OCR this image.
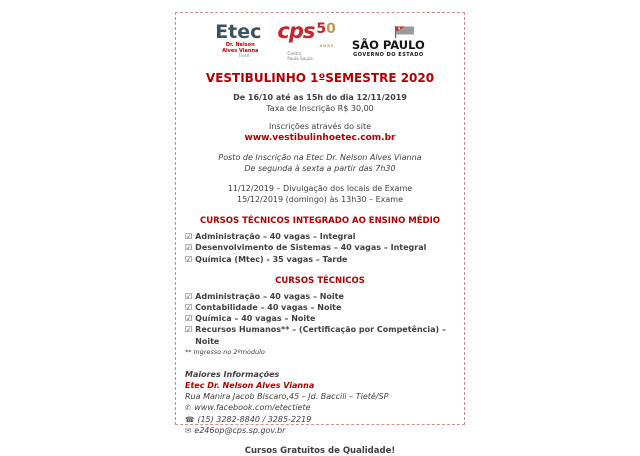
Etec
Dr. Nelson
Alves Vianna
Tietê
cps 50
ANOS
Centro
Paula Souza
SÃO PAULO
GOVERNO DO ESTADO
VESTIBULINHO 1ºSEMESTRE 2020
De 16/10 até as 15h do dia 12/11/2019
Taxa de Inscrição R$ 30,00
Inscrições através do site
www.vestibulinhoetec.com.br
Posto de Inscrição na Etec Dr. Nelson Alves Vianna
De segunda à sexta a partir das 7h30
11/12/2019 – Divulgação dos locais de Exame
15/12/2019 (domingo) às 13h30 – Exame
CURSOS TÉCNICOS INTEGRADO AO ENSINO MÉDIO
☑ Administração – 40 vagas – Integral
☑ Desenvolvimento de Sistemas – 40 vagas – Integral
☑ Química (Mtec) - 35 vagas – Tarde
CURSOS TÉCNICOS
☑ Administração – 40 vagas – Noite
☑ Contabilidade – 40 vagas – Noite
☑ Química – 40 vagas – Noite
☑ Recursos Humanos** – (Certificação por Competência) – Noite
** Ingresso no 2ºmódulo
Maiores Informações
Etec Dr. Nelson Alves Vianna
Rua Manira Jacob Biscaro,45 – Jd. Baccili – Tietê/SP
✆ www.facebook.com/etectiete
☎ (15) 3282-8840 / 3285-2219
✉ e246op@cps.sp.gov.br
Cursos Gratuitos de Qualidade!
